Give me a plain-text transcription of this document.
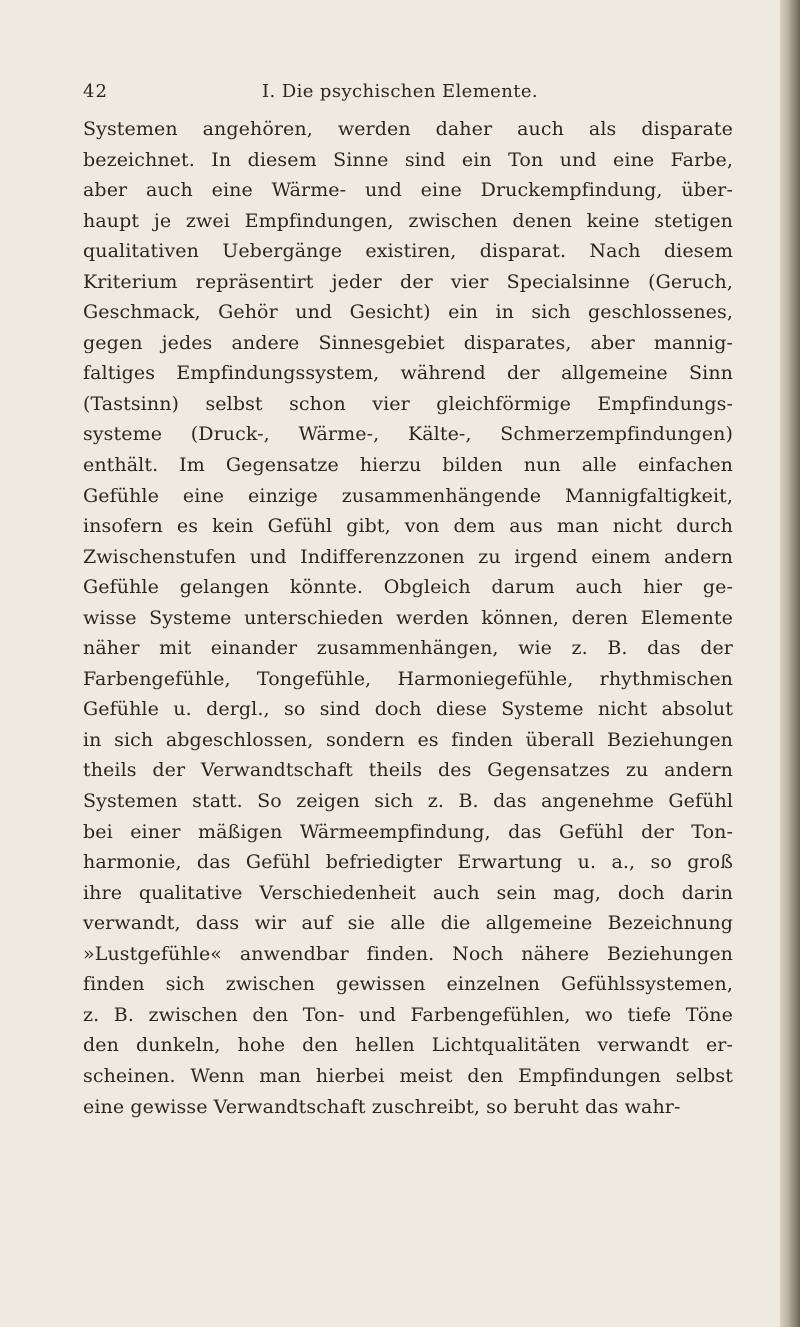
42	I. Die psychischen Elemente.
Systemen angehören, werden daher auch als disparate
bezeichnet. In diesem Sinne sind ein Ton und eine Farbe,
aber auch eine Wärme- und eine Druckempfindung, über-
haupt je zwei Empfindungen, zwischen denen keine stetigen
qualitativen Uebergänge existiren, disparat. Nach diesem
Kriterium repräsentirt jeder der vier Specialsinne (Geruch,
Geschmack, Gehör und Gesicht) ein in sich geschlossenes,
gegen jedes andere Sinnesgebiet disparates, aber mannig-
faltiges Empfindungssystem, während der allgemeine Sinn
(Tastsinn) selbst schon vier gleichförmige Empfindungs-
systeme (Druck-, Wärme-, Kälte-, Schmerzempfindungen)
enthält. Im Gegensatze hierzu bilden nun alle einfachen
Gefühle eine einzige zusammenhängende Mannigfaltigkeit,
insofern es kein Gefühl gibt, von dem aus man nicht durch
Zwischenstufen und Indifferenzzonen zu irgend einem andern
Gefühle gelangen könnte. Obgleich darum auch hier ge-
wisse Systeme unterschieden werden können, deren Elemente
näher mit einander zusammenhängen, wie z. B. das der
Farbengefühle, Tongefühle, Harmoniegefühle, rhythmischen
Gefühle u. dergl., so sind doch diese Systeme nicht absolut
in sich abgeschlossen, sondern es finden überall Beziehungen
theils der Verwandtschaft theils des Gegensatzes zu andern
Systemen statt. So zeigen sich z. B. das angenehme Gefühl
bei einer mäßigen Wärmeempfindung, das Gefühl der Ton-
harmonie, das Gefühl befriedigter Erwartung u. a., so groß
ihre qualitative Verschiedenheit auch sein mag, doch darin
verwandt, dass wir auf sie alle die allgemeine Bezeichnung
»Lustgefühle« anwendbar finden. Noch nähere Beziehungen
finden sich zwischen gewissen einzelnen Gefühlssystemen,
z. B. zwischen den Ton- und Farbengefühlen, wo tiefe Töne
den dunkeln, hohe den hellen Lichtqualitäten verwandt er-
scheinen. Wenn man hierbei meist den Empfindungen selbst
eine gewisse Verwandtschaft zuschreibt, so beruht das wahr-
